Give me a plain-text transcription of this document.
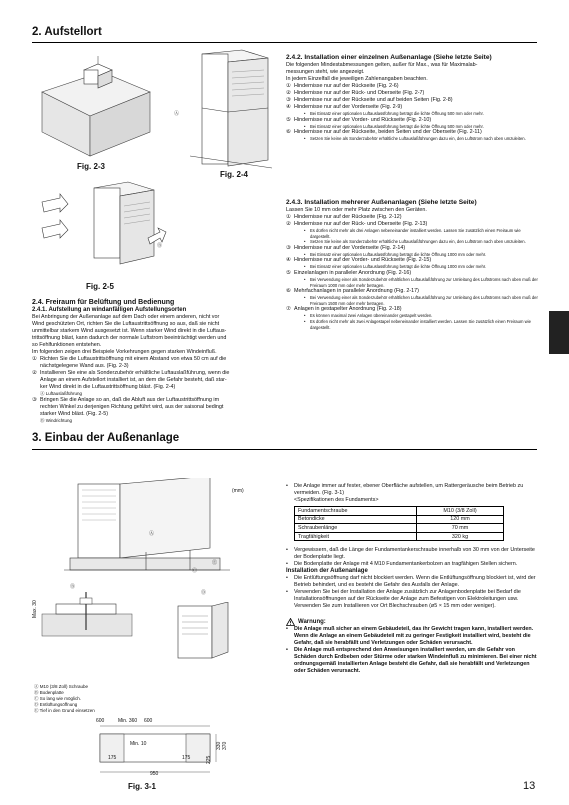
2. Aufstellort
Fig. 2-3
Ⓐ
Fig. 2-4
Ⓑ
Fig. 2-5
2.4. Freiraum für Belüftung und Bedienung
2.4.1. Aufstellung an windanfälligen Aufstellungsorten
Bei Anbringung der Außenanlage auf dem Dach oder einem anderen, nicht vor
Wind geschützten Ort, richten Sie die Luftaustrittsöffnung so aus, daß sie nicht
unmittelbar starkem Wind ausgesetzt ist. Wenn starker Wind direkt in die Luftaus-
trittsöffnung bläst, kann dadurch der normale Luftstrom beeinträchtigt werden und
so Fehlfunktionen entstehen.
Im folgenden zeigen drei Beispiele Vorkehrungen gegen starken Windeinfluß.
① Richten Sie die Luftaustrittsöffnung mit einem Abstand von etwa 50 cm auf die
nächstgelegene Wand aus. (Fig. 2-3)
② Installieren Sie eine als Sonderzubehör erhältliche Luftauslaßführung, wenn die
Anlage an einem Aufstellort installiert ist, an dem die Gefahr besteht, daß star-
ker Wind direkt in die Luftaustrittsöffnung bläst. (Fig. 2-4)
Ⓐ Luftauslaßführung
③ Bringen Sie die Anlage so an, daß die Abluft aus der Luftaustrittsöffnung im
rechten Winkel zu derjenigen Richtung geführt wird, aus der saisonal bedingt
starker Wind bläst. (Fig. 2-5)
Ⓑ Windrichtung
2.4.2. Installation einer einzelnen Außenanlage (Siehe letzte Seite)
Die folgenden Mindestabmessungen gelten, außer für Max., was für Maximalab-
messungen steht, wie angezeigt.
In jedem Einzelfall die jeweiligen Zahlenangaben beachten.
① Hindernisse nur auf der Rückseite (Fig. 2-6)
② Hindernisse nur auf der Rück- und Oberseite (Fig. 2-7)
③ Hindernisse nur auf der Rückseite und auf beiden Seiten (Fig. 2-8)
④ Hindernisse nur auf der Vorderseite (Fig. 2-9)
• Bei Einsatz einer optionalen Luftauslassführung beträgt die lichte Öffnung 500 mm oder mehr.
⑤ Hindernisse nur auf der Vorder- und Rückseite (Fig. 2-10)
• Bei Einsatz einer optionalen Luftauslassführung beträgt die lichte Öffnung 500 mm oder mehr.
⑥ Hindernisse nur auf der Rückseite, beiden Seiten und der Oberseite (Fig. 2-11)
• Setzen Sie keine als Sonderzubehör erhältliche Luftauslaßführungen dazu ein, den Luftstrom nach oben umzuleiten.
2.4.3. Installation mehrerer Außenanlagen (Siehe letzte Seite)
Lassen Sie 10 mm oder mehr Platz zwischen den Geräten.
① Hindernisse nur auf der Rückseite (Fig. 2-12)
② Hindernisse nur auf der Rück- und Oberseite (Fig. 2-13)
• Es dürfen nicht mehr als drei Anlagen nebeneinander installiert werden. Lassen Sie zusätzlich einen Freiraum wie dargestellt.
• Setzen Sie keine als Sonderzubehör erhältliche Luftauslaßführungen dazu ein, den Luftstrom nach oben umzuleiten.
③ Hindernisse nur auf der Vorderseite (Fig. 2-14)
• Bei Einsatz einer optionalen Luftauslassführung beträgt die lichte Öffnung 1000 mm oder mehr.
④ Hindernisse nur auf der Vorder- und Rückseite (Fig. 2-15)
• Bei Einsatz einer optionalen Luftauslassführung beträgt die lichte Öffnung 1000 mm oder mehr.
⑤ Einzelanlagen in paralleler Anordnung (Fig. 2-16)
• Bei Verwendung einer als Sonderzubehör erhältlichen Luftauslaßführung zur Umleitung des Luftstroms nach oben muß der Freiraum 1000 mm oder mehr betragen.
⑥ Mehrfachanlagen in paralleler Anordnung (Fig. 2-17)
• Bei Verwendung einer als Sonderzubehör erhältlichen Luftauslaßführung zur Umleitung des Luftstroms nach oben muß der Freiraum 1500 mm oder mehr betragen.
⑦ Anlagen in gestapelter Anordnung (Fig. 2-18)
• Es können maximal zwei Anlagen übereinander gestapelt werden.
• Es dürfen nicht mehr als zwei Anlagestapel nebeneinander installiert werden. Lassen Sie zusätzlich einen Freiraum wie dargestellt.
3. Einbau der Außenanlage
(mm)
Ⓐ
Ⓔ
Ⓒ
Ⓑ
Max. 30
Ⓓ
Ⓐ M10 (3/8 Zoll) Schraube
Ⓑ Bodenplatte
Ⓒ So lang wie möglich.
Ⓓ Entlüftungsöffnung
Ⓔ Tief in den Grund einsetzen
600	Min. 360 600
Min. 10
175	175
950
330 370
225
Fig. 3-1
• Die Anlage immer auf fester, ebener Oberfläche aufstellen, um Rattergeräusche beim Betrieb zu vermeiden. (Fig. 3-1)
<Spezifikationen des Fundaments>
Fundamentschraube	M10 (3/8 Zoll)
Betondicke	120 mm
Schraubenlänge	70 mm
Tragfähigkeit	320 kg
• Vergewissern, daß die Länge der Fundamentankerschraube innerhalb von 30 mm von der Unterseite der Bodenplatte liegt.
• Die Bodenplatte der Anlage mit 4 M10 Fundamentankerbolzen an tragfähigen Stellen sichern.
Installation der Außenanlage
• Die Entlüftungsöffnung darf nicht blockiert werden. Wenn die Entlüftungsöffnung blockiert ist, wird der Betrieb behindert, und es besteht die Gefahr des Ausfalls der Anlage.
• Verwenden Sie bei der Installation der Anlage zusätzlich zur Anlagenbodenplatte bei Bedarf die Installationsöffnungen auf der Rückseite der Anlage zum Befestigen von Elektroleitungen usw. Verwenden Sie zum Installieren vor Ort Blechschrauben (ø5 × 15 mm oder weniger).
Warnung:
• Die Anlage muß sicher an einem Gebäudeteil, das ihr Gewicht tragen kann, installiert werden. Wenn die Anlage an einem Gebäudeteil mit zu geringer Festigkeit installiert wird, besteht die Gefahr, daß sie herabfällt und Verletzungen oder Schäden verursacht.
• Die Anlage muß entsprechend den Anweisungen installiert werden, um die Gefahr von Schäden durch Erdbeben oder Stürme oder starken Windeinfluß zu minimieren. Bei einer nicht ordnungsgemäß installierten Anlage besteht die Gefahr, daß sie herabfällt und Verletzungen oder Schäden verursacht.
13
